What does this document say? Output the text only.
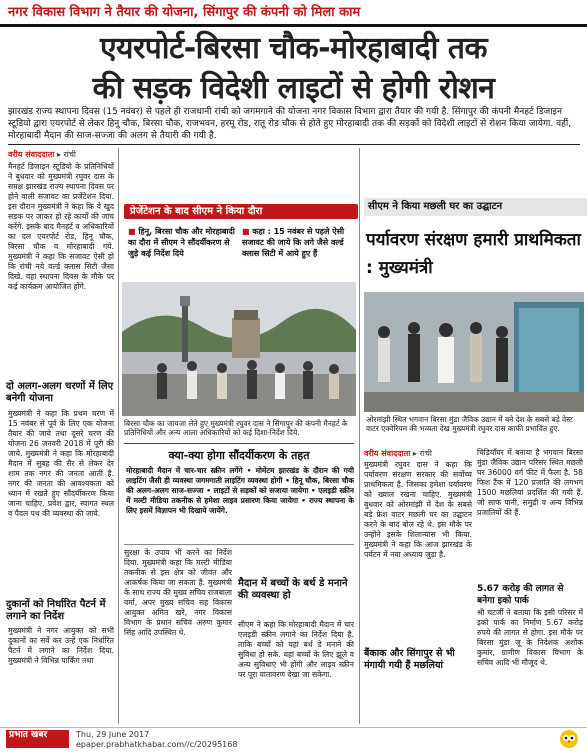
नगर विकास विभाग ने तैयार की योजना, सिंगापुर की कंपनी को मिला काम
एयरपोर्ट-बिरसा चौक-मोरहाबादी तक
की सड़क विदेशी लाइटों से होगी रोशन
झारखंड राज्य स्थापना दिवस (15 नवंबर) से पहले ही राजधानी रांची को जगमगाने की योजना नगर विकास विभाग द्वारा तैयार की गयी है. सिंगापुर की कंपनी मैनहर्ट डिजाइन स्टूडियो द्वारा एयरपोर्ट से लेकर हिनू चौक, बिरसा चौक, राजभवन, हरमू रोड, रातू रोड चौक से होते हुए मोरहाबादी तक की सड़कों को विदेशी लाइटों से रोशन किया जायेगा. वहीं, मोरहाबादी मैदान की साज-सज्जा की अलग से तैयारी की गयी है.
वरीय संवाददाता ▸ रांची
मैनहर्ट डिजाइन स्टूडियो के प्रतिनिधियों ने बुधवार को मुख्यमंत्री रघुवर दास के समक्ष झारखंड राज्य स्थापना दिवस पर होने वाली सजावट का प्रजेंटेशन दिया. इस दौरान मुख्यमंत्री ने कहा कि वे खुद सड़क पर जाकर हो रहे कार्यों की जांच करेंगे. इसके बाद मैनहर्ट व अधिकारियों का दल एयरपोर्ट रोड, हिनू चौक, बिरसा चौक व मोरहाबादी गये. मुख्यमंत्री ने कहा कि सजावट ऐसी हो कि रांची नये वर्ल्ड क्लास सिटी जैसा दिखे. वहां स्थापना दिवस के मौके पर कई कार्यक्रम आयोजित होंगे.
दो अलग-अलग चरणों में लिए बनेगी योजना
मुख्यमंत्री ने कहा कि प्रथम चरण में 15 नवंबर से पूर्व के लिए एक योजना तैयार की जाये तथा दूसरे चरण की योजना 26 जनवरी 2018 में पूरी की जाये. मुख्यमंत्री ने कहा कि मोरहाबादी मैदान में सुबह की सैर से लेकर देर शाम तक नगर की जनता आती है. नगर की जनता की आवश्यकता को ध्यान में रखते हुए सौंदर्यीकरण किया जाना चाहिए. प्रवेश द्वार, स्वागत स्थल व पैदल पथ की व्यवस्था की जाये.
दुकानों को निर्धारित पैटर्न में लगाने का निर्देश
मुख्यमंत्री ने नगर आयुक्त को सभी दुकानों का सर्वे कर उन्हें एक निर्धारित पैटर्न में लगाने का निर्देश दिया. मुख्यमंत्री ने विभिन्न पार्किंग तथा
प्रेजेंटेशन के बाद सीएम ने किया दौरा
■ हिनू, बिरसा चौक और मोरहाबादी का दौरा में सीएम ने सौंदर्यीकरण से जुड़े कई निर्देश दिये
■ कहा : 15 नवंबर से पहले ऐसी सजावट की जाये कि लगे जैसे वर्ल्ड क्लास सिटी में आये हुए हैं
बिरसा चौक का जायजा लेते हुए मुख्यमंत्री रघुवर दास ने सिंगापुर की कंपनी मैनहर्ट के प्रतिनिधियों और अन्य आला अधिकारियों को कई दिशा-निर्देश दिये.
क्या-क्या होगा सौंदर्यीकरण के तहत
मोरहाबादी मैदान में चार-चार स्क्रीन लगेंगे • मोमेंटम झारखंड के दौरान की गयी लाइटिंग जैसी ही व्यवस्था जगमगाती लाइटिंग व्यवस्था होगी • हिनू चौक, बिरसा चौक की अलग-अलग साज-सज्जा • लाइटों से सड़कों को सजाया जायेगा • एलइडी स्क्रीन में मल्टी मीडिया तकनीक से हमेशा लाइव प्रसारण किया जायेगा • राज्य स्थापना के लिए इसमें विज्ञापन भी दिखाये जायेंगे.
सुरक्षा के उपाय भी करने का निर्देश दिया. मुख्यमंत्री कहा कि मल्टी मीडिया तकनीक से इस क्षेत्र को जीवंत और आकर्षक किया जा सकता है. मुख्यमंत्री के साथ राज्य की मुख्य सचिव राजबाला वर्मा, अपर मुख्य सचिव सह विकास आयुक्त अमित खरे, नगर विकास विभाग के प्रधान सचिव अरुण कुमार सिंह आदि उपस्थित थे.
मैदान में बच्चों के बर्थ डे मनाने की व्यवस्था हो
सीएम ने कहा कि मोरहाबादी मैदान में चार एलइडी स्क्रीन लगाने का निर्देश दिया है. ताकि बच्चों को यहां बर्थ डे मनाने की सुविधा हो सके. यहां बच्चों के लिए झूले व अन्य सुविधाएं भी होंगी और लाइव स्क्रीन पर पूरा वातावरण देखा जा सकेगा.
सीएम ने किया मछली घर का उद्घाटन
पर्यावरण संरक्षण हमारी प्राथमिकता : मुख्यमंत्री
ओरमांझी स्थित भगवान बिरसा मुंडा जैविक उद्यान में बने देश के सबसे बड़े वेस्ट वाटर एक्वेरियम की भव्यता देख मुख्यमंत्री रघुवर दास काफी प्रभावित हुए.
वरीय संवाददाता ▸ रांची
मुख्यमंत्री रघुवर दास ने कहा कि पर्यावरण संरक्षण सरकार की सर्वोच्च प्राथमिकता है. जिसका हमेशा पर्यावरण को ख्याल रखना चाहिए. मुख्यमंत्री बुधवार को ओरमांझी में देश के सबसे बड़े फ्रेश वाटर मछली घर का उद्घाटन करने के बाद बोल रहे थे. इस मौके पर उन्होंने इसके शिलान्यास भी किया. मुख्यमंत्री ने कहा कि आज झारखंड के पर्यटन में नया अध्याय जुड़ा है.
बैंकाक और सिंगापुर से भी मंगायी गयी हैं मछलियां
चिड़ियाँघर में बनाया है भगवान बिरसा मुंडा जैविक उद्यान परिसर स्थित मछली घर 36000 वर्ग फीट में फैला है. 58 फिश टैंक में 120 प्रजाति की लगभग 1500 मछलियां प्रदर्शित की गयी हैं. जो साफ पानी, समुद्री व अन्य विभिन्न प्रजातियों की हैं.
5.67 करोड़ की लागत से बनेगा इको पार्क
श्री चटर्जी ने बताया कि इसी परिसर में इको पार्क का निर्माण 5.67 करोड़ रुपये की लागत से होगा. इस मौके पर बिरसा मुंडा जू के निदेशक अशोक कुमार, ग्रामीण विकास विभाग के सचिव आदि भी मौजूद थे.
प्रभात खबर	Thu, 29 June 2017
epaper.prabhatkhabar.com//c/20295168
